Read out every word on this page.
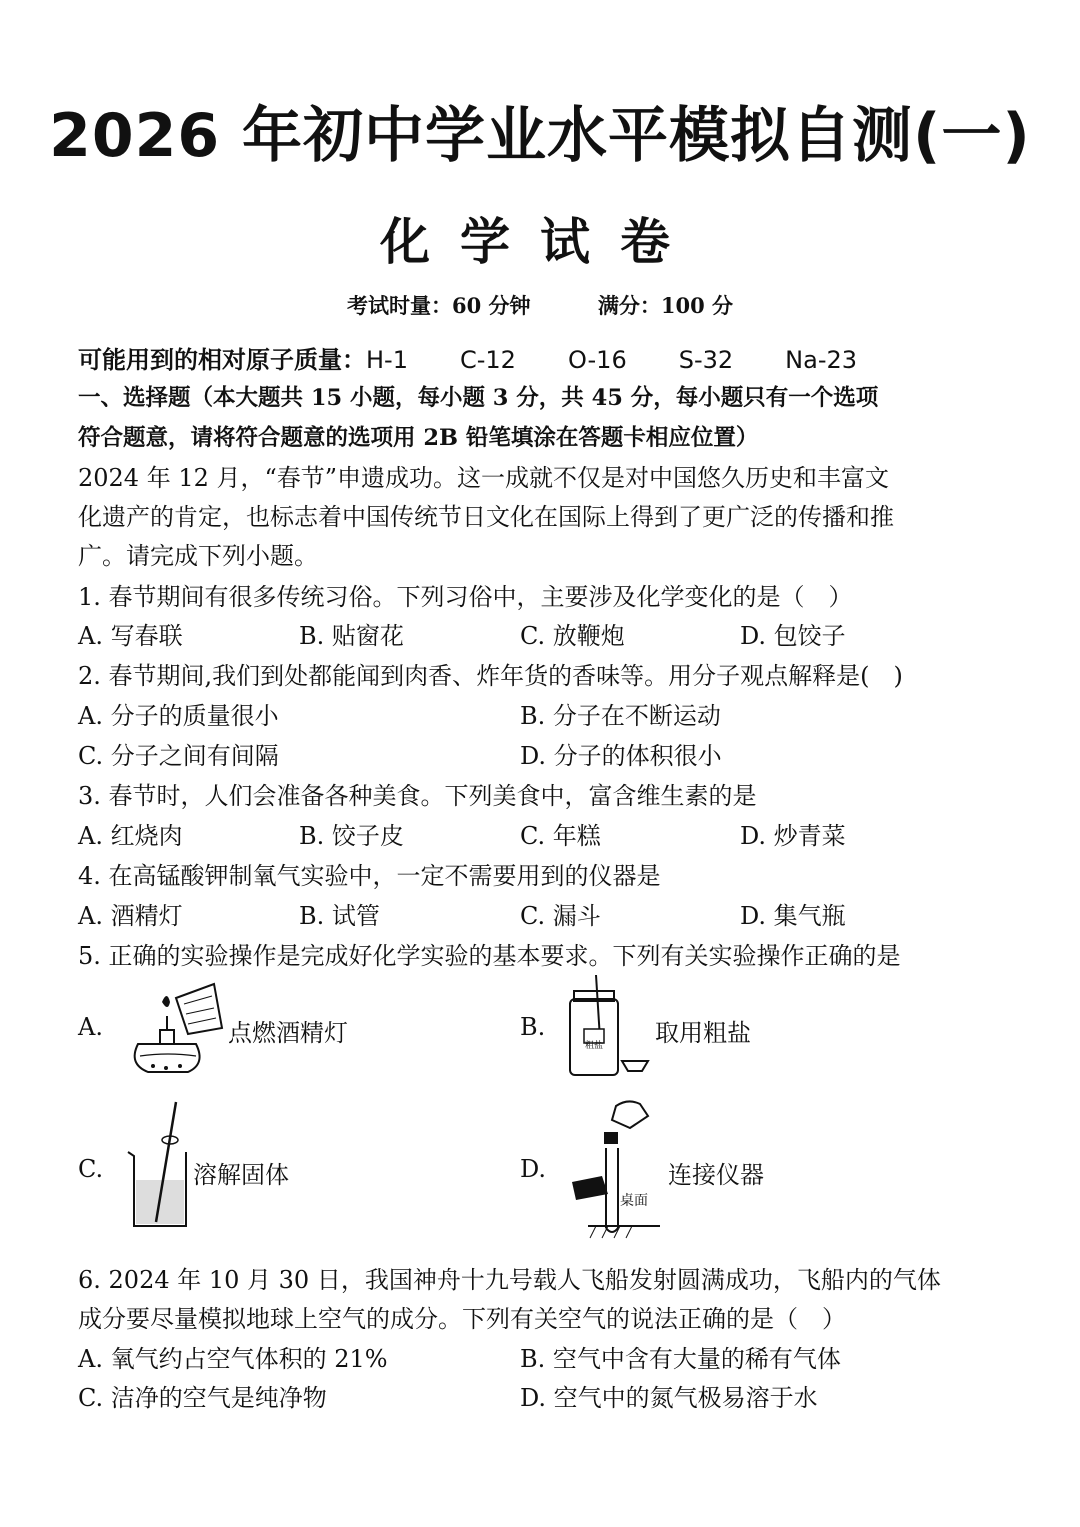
2026 年初中学业水平模拟自测(一)
化学试卷
考试时量：60 分钟	满分：100 分
可能用到的相对原子质量：H-1 C-12 O-16 S-32 Na-23
一、选择题（本大题共 15 小题，每小题 3 分，共 45 分，每小题只有一个选项
符合题意，请将符合题意的选项用 2B 铅笔填涂在答题卡相应位置）
2024 年 12 月，“春节”申遗成功。这一成就不仅是对中国悠久历史和丰富文
化遗产的肯定，也标志着中国传统节日文化在国际上得到了更广泛的传播和推
广。请完成下列小题。
1. 春节期间有很多传统习俗。下列习俗中，主要涉及化学变化的是（　）
A. 写春联	B. 贴窗花	C. 放鞭炮	D. 包饺子
2. 春节期间,我们到处都能闻到肉香、炸年货的香味等。用分子观点解释是(　)
A. 分子的质量很小	B. 分子在不断运动
C. 分子之间有间隔	D. 分子的体积很小
3. 春节时，人们会准备各种美食。下列美食中，富含维生素的是
A. 红烧肉	B. 饺子皮	C. 年糕	D. 炒青菜
4. 在高锰酸钾制氧气实验中，一定不需要用到的仪器是
A. 酒精灯	B. 试管	C. 漏斗	D. 集气瓶
5. 正确的实验操作是完成好化学实验的基本要求。下列有关实验操作正确的是
A.	点燃酒精灯	B.
粗盐 取用粗盐
C.	溶解固体	D.
桌面
连接仪器
6. 2024 年 10 月 30 日，我国神舟十九号载人飞船发射圆满成功，飞船内的气体
成分要尽量模拟地球上空气的成分。下列有关空气的说法正确的是（　）
A. 氧气约占空气体积的 21%	B. 空气中含有大量的稀有气体
C. 洁净的空气是纯净物	D. 空气中的氮气极易溶于水
